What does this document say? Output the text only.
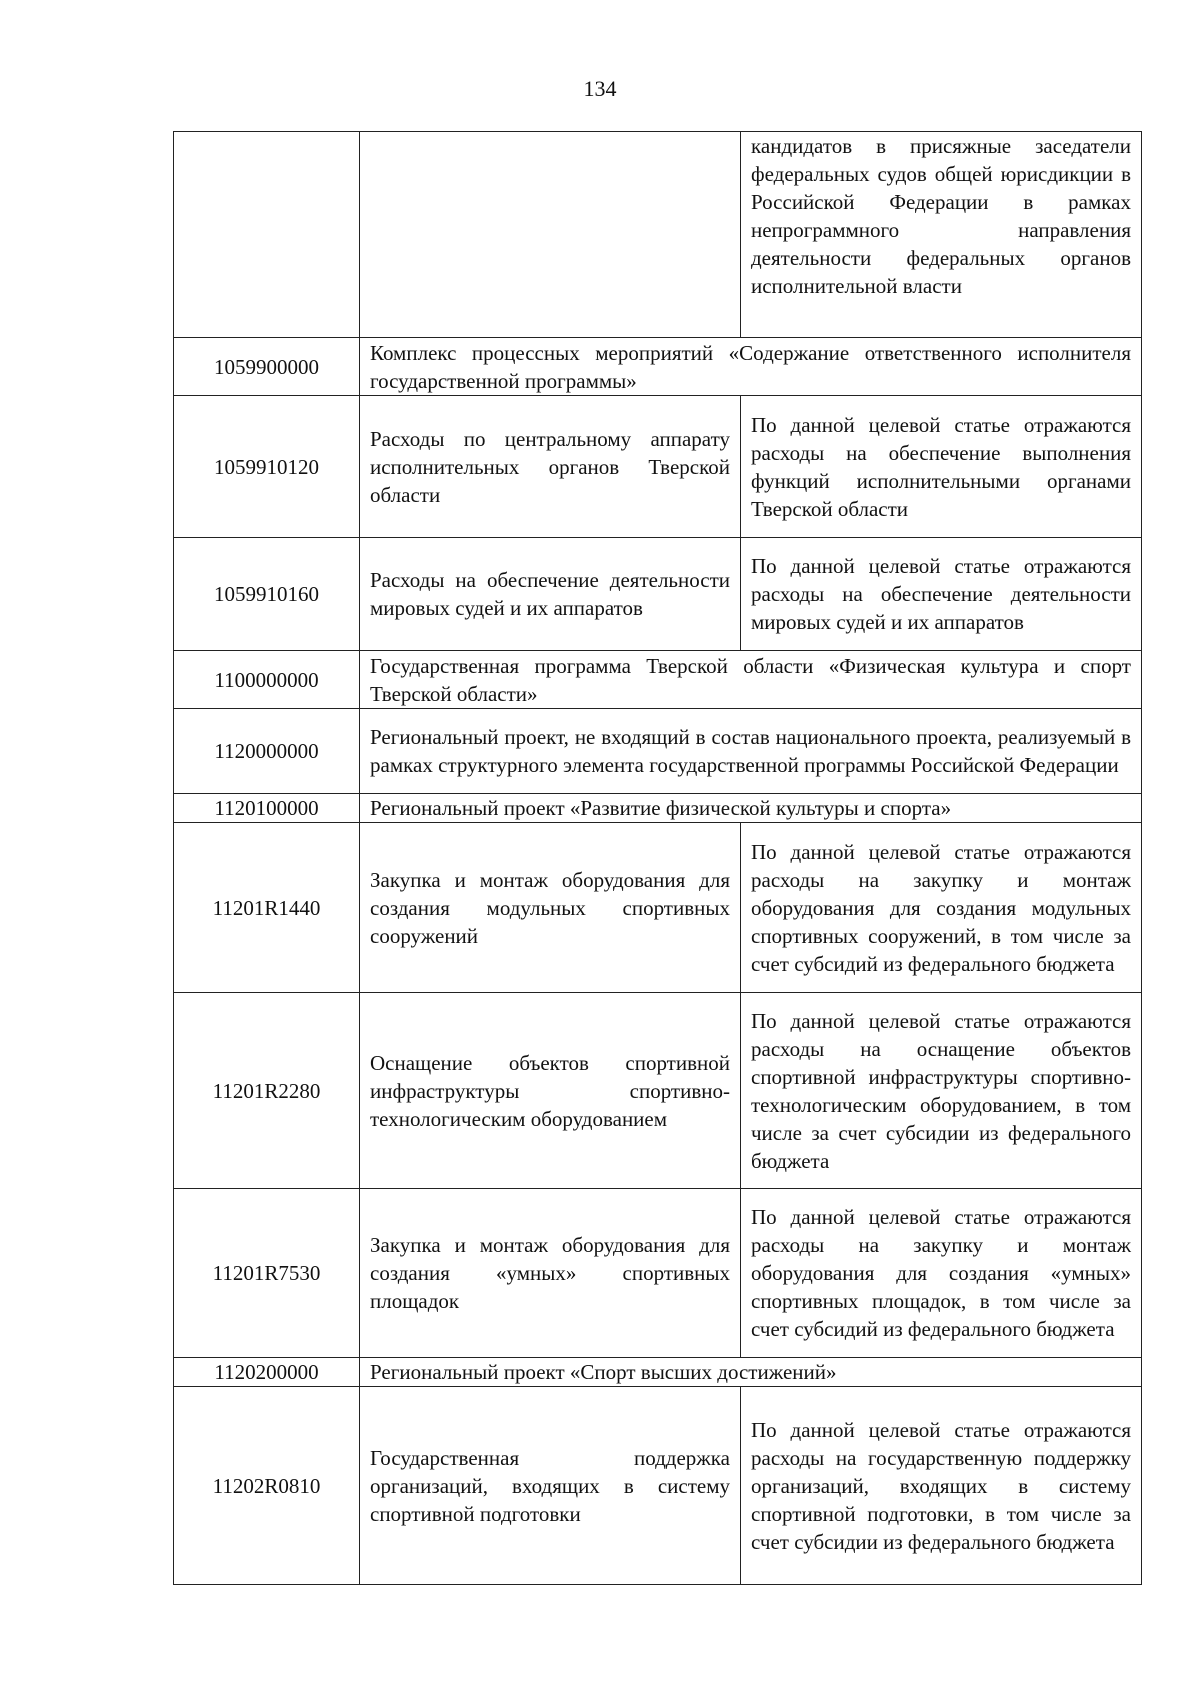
134
		кандидатов в присяжные заседатели федеральных судов общей юрисдикции в Российской Федерации в рамках непрограммного направления деятельности федеральных органов исполнительной власти
1059900000	Комплекс процессных мероприятий «Содержание ответственного исполнителя государственной программы»	
1059910120	Расходы по центральному аппарату исполнительных органов Тверской области	По данной целевой статье отражаются расходы на обеспечение выполнения функций исполнительными органами Тверской области
1059910160	Расходы на обеспечение деятельности мировых судей и их аппаратов	По данной целевой статье отражаются расходы на обеспечение деятельности мировых судей и их аппаратов
1100000000	Государственная программа Тверской области «Физическая культура и спорт Тверской области»	
1120000000	Региональный проект, не входящий в состав национального проекта, реализуемый в рамках структурного элемента государственной программы Российской Федерации	
1120100000	Региональный проект «Развитие физической культуры и спорта»	
11201R1440	Закупка и монтаж оборудования для создания модульных спортивных сооружений	По данной целевой статье отражаются расходы на закупку и монтаж оборудования для создания модульных спортивных сооружений, в том числе за счет субсидий из федерального бюджета
11201R2280	Оснащение объектов спортивной инфраструктуры спортивно-технологическим оборудованием	По данной целевой статье отражаются расходы на оснащение объектов спортивной инфраструктуры спортивно-технологическим оборудованием, в том числе за счет субсидии из федерального бюджета
11201R7530	Закупка и монтаж оборудования для создания «умных» спортивных площадок	По данной целевой статье отражаются расходы на закупку и монтаж оборудования для создания «умных» спортивных площадок, в том числе за счет субсидий из федерального бюджета
1120200000	Региональный проект «Спорт высших достижений»	
11202R0810	Государственная поддержка организаций, входящих в систему спортивной подготовки	По данной целевой статье отражаются расходы на государственную поддержку организаций, входящих в систему спортивной подготовки, в том числе за счет субсидии из федерального бюджета
